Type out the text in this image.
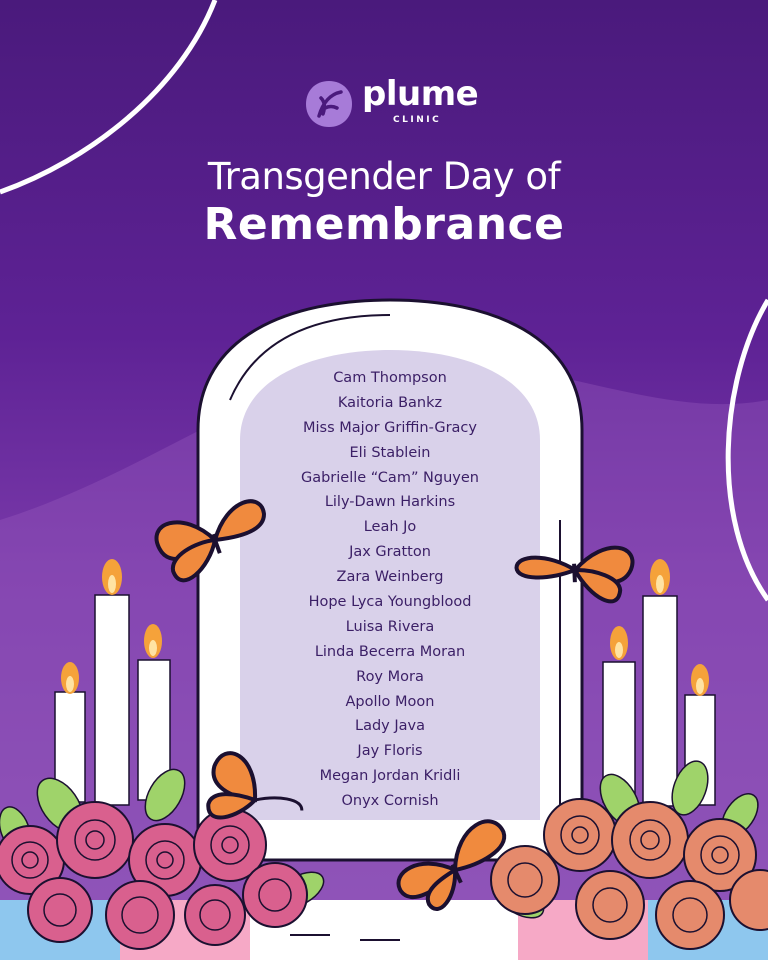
plume
CLINIC
Transgender Day of
Remembrance
Cam Thompson
Kaitoria Bankz
Miss Major Griffin-Gracy
Eli Stablein
Gabrielle “Cam” Nguyen
Lily-Dawn Harkins
Leah Jo
Jax Gratton
Zara Weinberg
Hope Lyca Youngblood
Luisa Rivera
Linda Becerra Moran
Roy Mora
Apollo Moon
Lady Java
Jay Floris
Megan Jordan Kridli
Onyx Cornish
